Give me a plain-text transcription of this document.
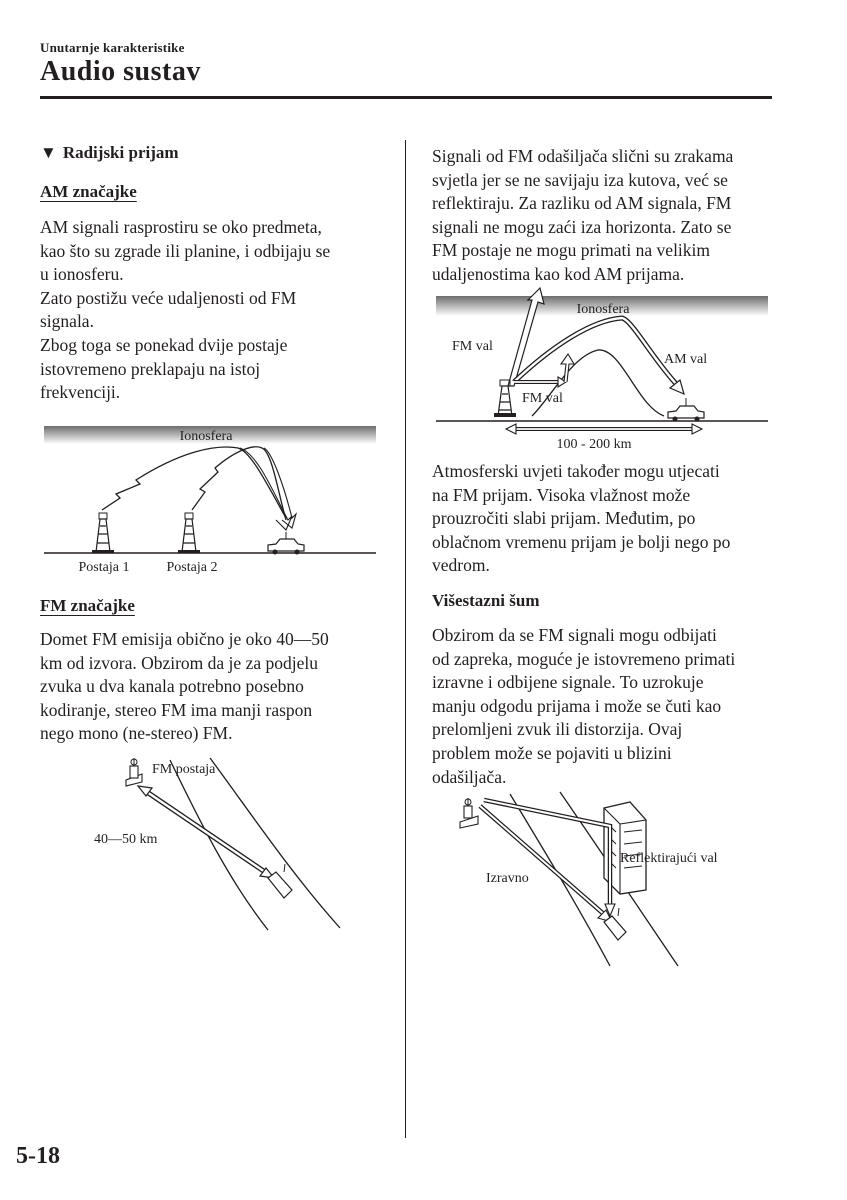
Unutarnje karakteristike
Audio sustav
▼ Radijski prijam
AM značajke
AM signali rasprostiru se oko predmeta,
kao što su zgrade ili planine, i odbijaju se
u ionosferu.
Zato postižu veće udaljenosti od FM
signala.
Zbog toga se ponekad dvije postaje
istovremeno preklapaju na istoj
frekvenciji.
Ionosfera
Postaja 1	Postaja 2
FM značajke
Domet FM emisija obično je oko 40―50
km od izvora. Obzirom da je za podjelu
zvuka u dva kanala potrebno posebno
kodiranje, stereo FM ima manji raspon
nego mono (ne-stereo) FM.
FM postaja
40―50 km
Signali od FM odašiljača slični su zrakama
svjetla jer se ne savijaju iza kutova, već se
reflektiraju. Za razliku od AM signala, FM
signali ne mogu zaći iza horizonta. Zato se
FM postaje ne mogu primati na velikim
udaljenostima kao kod AM prijama.
Ionosfera
FM val
AM val
FM val
100 - 200 km
Atmosferski uvjeti također mogu utjecati
na FM prijam. Visoka vlažnost može
prouzročiti slabi prijam. Međutim, po
oblačnom vremenu prijam je bolji nego po
vedrom.
Višestazni šum
Obzirom da se FM signali mogu odbijati
od zapreka, moguće je istovremeno primati
izravne i odbijene signale. To uzrokuje
manju odgodu prijama i može se čuti kao
prelomljeni zvuk ili distorzija. Ovaj
problem može se pojaviti u blizini
odašiljača.
Reflektirajući val
Izravno
5-18
